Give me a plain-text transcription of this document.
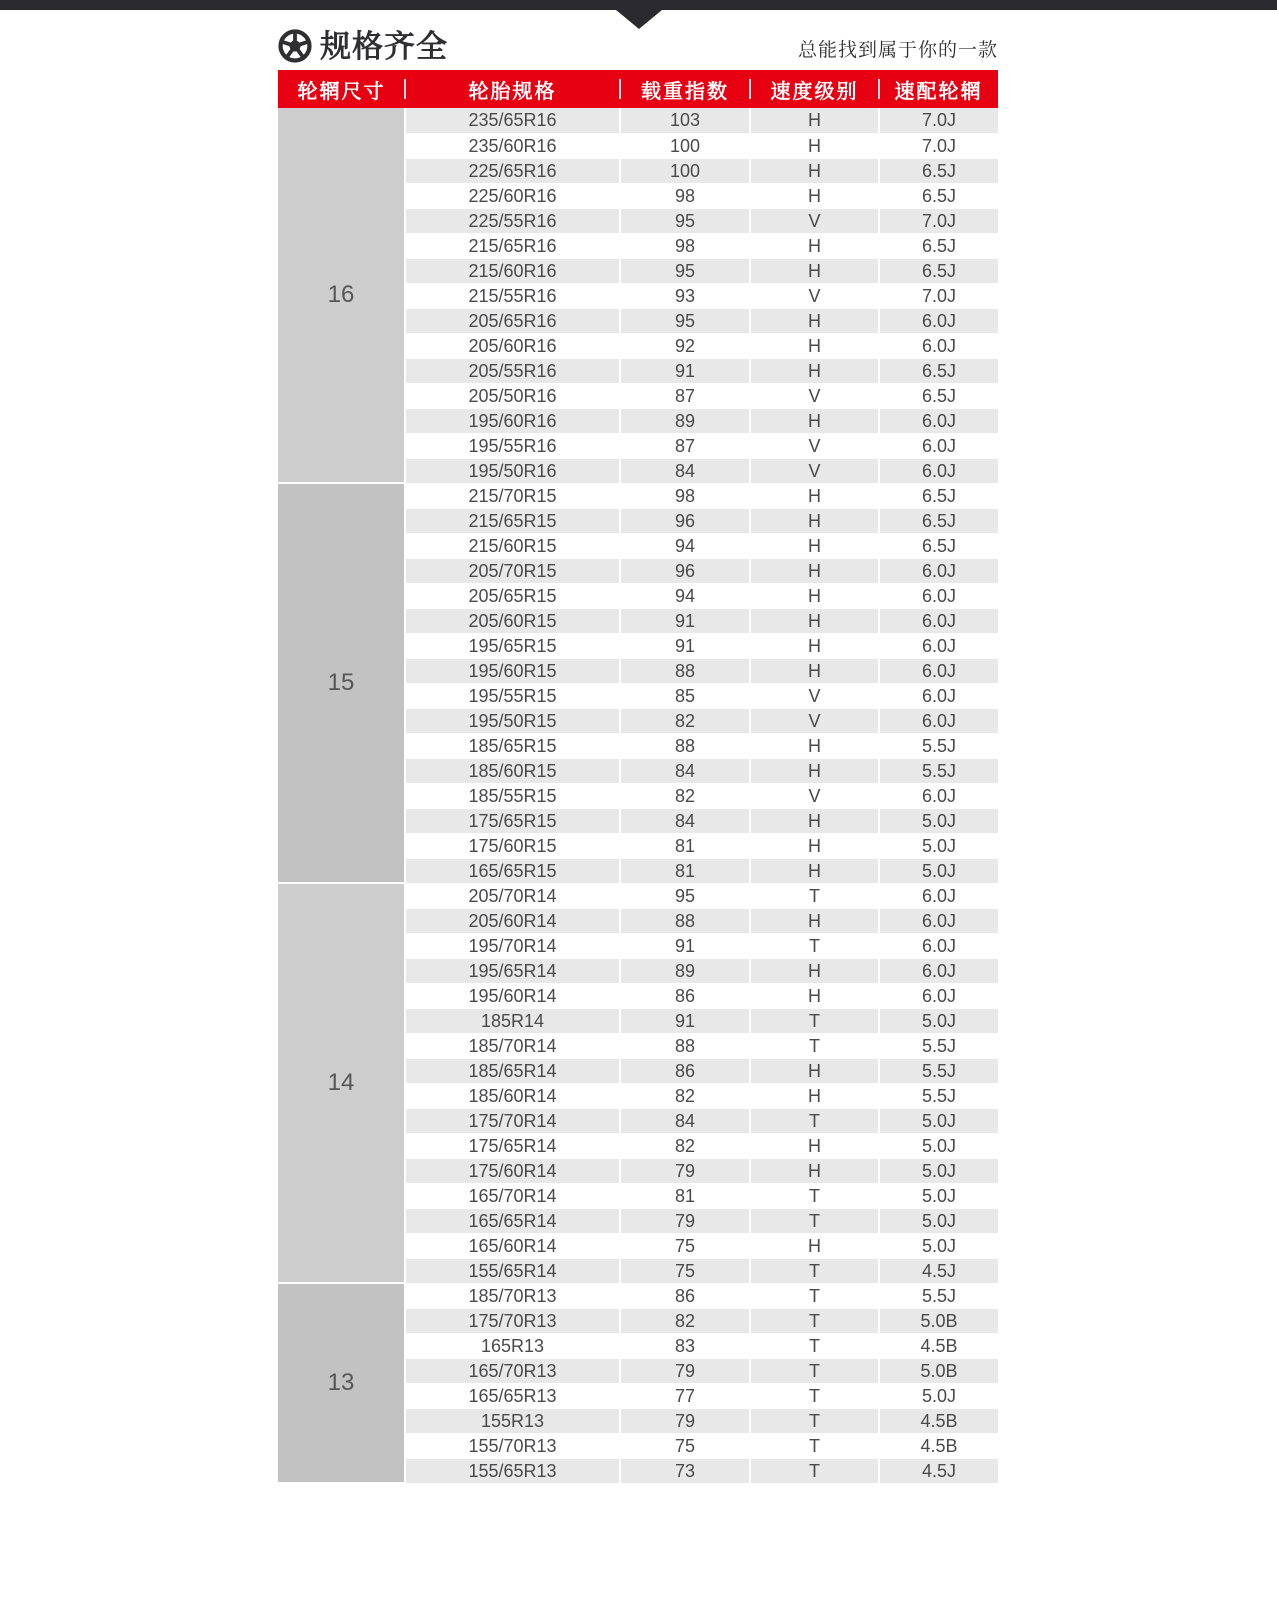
规格齐全	总能找到属于你的一款
轮辋尺寸	轮胎规格	载重指数	速度级别	速配轮辋
16	235/65R16	103	H	7.0J
	235/60R16	100	H	7.0J
	225/65R16	100	H	6.5J
	225/60R16	98	H	6.5J
	225/55R16	95	V	7.0J
	215/65R16	98	H	6.5J
	215/60R16	95	H	6.5J
	215/55R16	93	V	7.0J
	205/65R16	95	H	6.0J
	205/60R16	92	H	6.0J
	205/55R16	91	H	6.5J
	205/50R16	87	V	6.5J
	195/60R16	89	H	6.0J
	195/55R16	87	V	6.0J
	195/50R16	84	V	6.0J
15	215/70R15	98	H	6.5J
	215/65R15	96	H	6.5J
	215/60R15	94	H	6.5J
	205/70R15	96	H	6.0J
	205/65R15	94	H	6.0J
	205/60R15	91	H	6.0J
	195/65R15	91	H	6.0J
	195/60R15	88	H	6.0J
	195/55R15	85	V	6.0J
	195/50R15	82	V	6.0J
	185/65R15	88	H	5.5J
	185/60R15	84	H	5.5J
	185/55R15	82	V	6.0J
	175/65R15	84	H	5.0J
	175/60R15	81	H	5.0J
	165/65R15	81	H	5.0J
14	205/70R14	95	T	6.0J
	205/60R14	88	H	6.0J
	195/70R14	91	T	6.0J
	195/65R14	89	H	6.0J
	195/60R14	86	H	6.0J
	185R14	91	T	5.0J
	185/70R14	88	T	5.5J
	185/65R14	86	H	5.5J
	185/60R14	82	H	5.5J
	175/70R14	84	T	5.0J
	175/65R14	82	H	5.0J
	175/60R14	79	H	5.0J
	165/70R14	81	T	5.0J
	165/65R14	79	T	5.0J
	165/60R14	75	H	5.0J
	155/65R14	75	T	4.5J
13	185/70R13	86	T	5.5J
	175/70R13	82	T	5.0B
	165R13	83	T	4.5B
	165/70R13	79	T	5.0B
	165/65R13	77	T	5.0J
	155R13	79	T	4.5B
	155/70R13	75	T	4.5B
	155/65R13	73	T	4.5J
